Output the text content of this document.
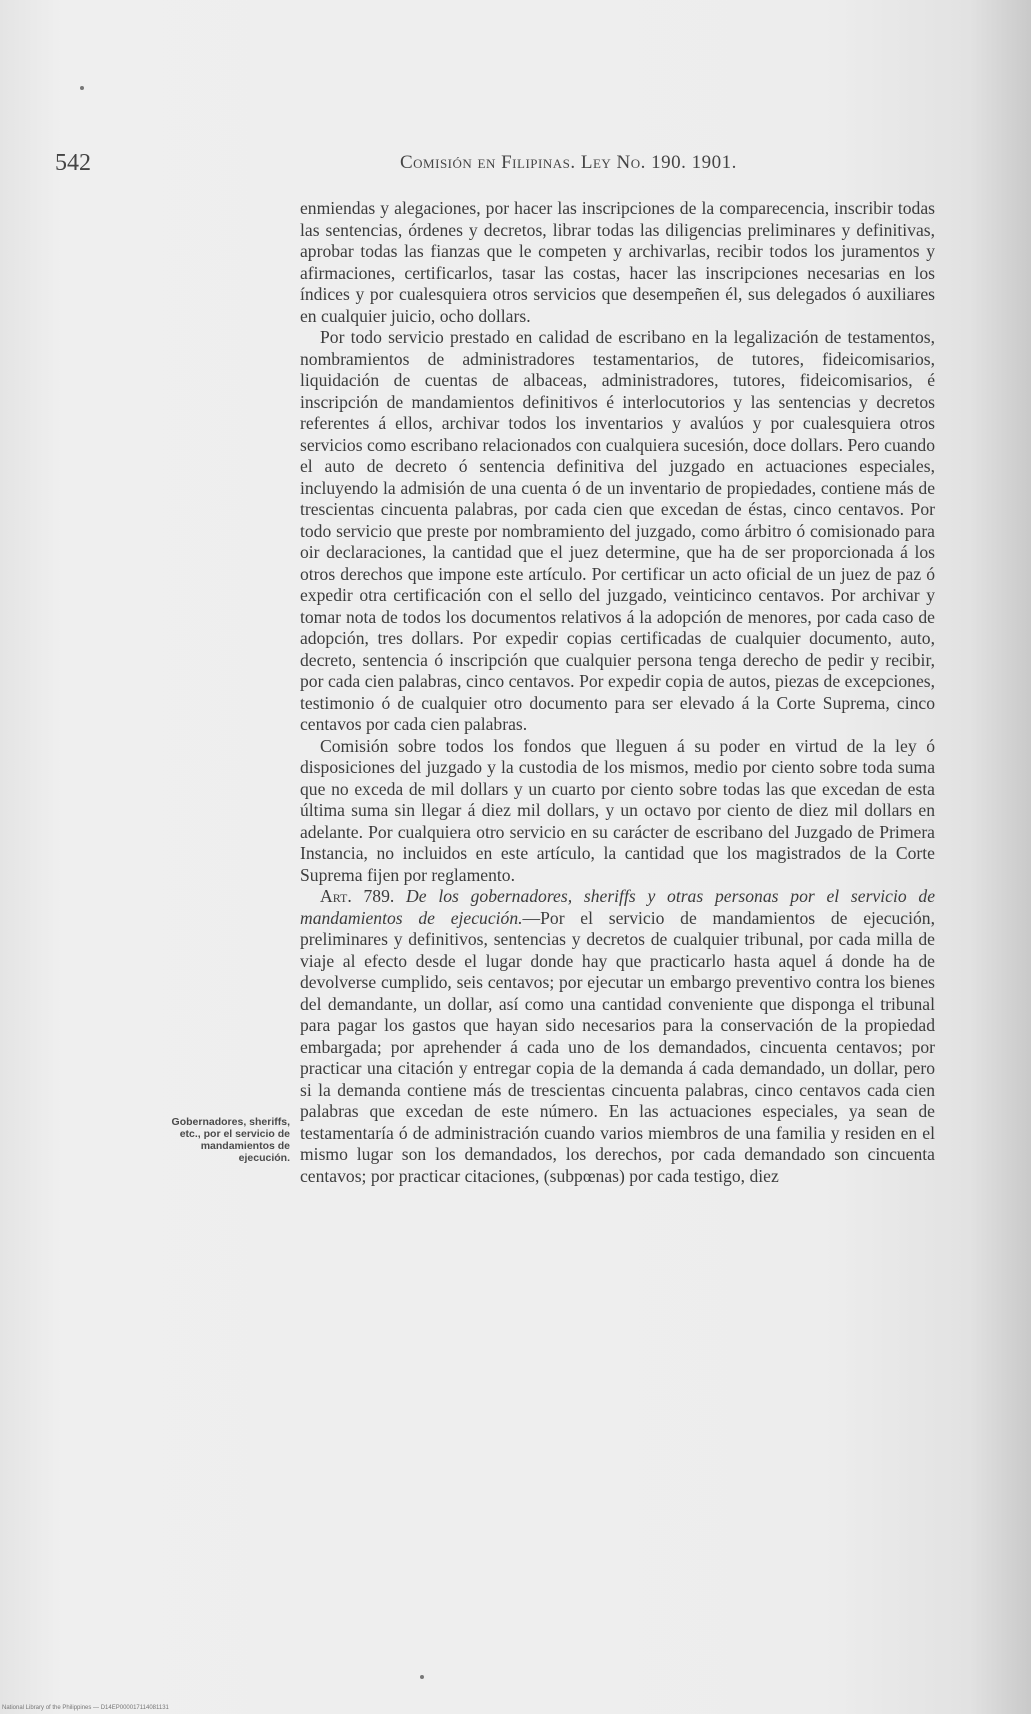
542	Comisión en Filipinas. Ley No. 190. 1901.

enmiendas y alegaciones, por hacer las inscripciones de la comparecencia, inscribir todas las sentencias, órdenes y decretos, librar todas las diligencias preliminares y definitivas, aprobar todas las fianzas que le competen y archivarlas, recibir todos los juramentos y afirmaciones, certificarlos, tasar las costas, hacer las inscripciones necesarias en los índices y por cualesquiera otros servicios que desempeñen él, sus delegados ó auxiliares en cualquier juicio, ocho dollars.

Por todo servicio prestado en calidad de escribano en la legalización de testamentos, nombramientos de administradores testamentarios, de tutores, fideicomisarios, liquidación de cuentas de albaceas, administradores, tutores, fideicomisarios, é inscripción de mandamientos definitivos é interlocutorios y las sentencias y decretos referentes á ellos, archivar todos los inventarios y avalúos y por cualesquiera otros servicios como escribano relacionados con cualquiera sucesión, doce dollars. Pero cuando el auto de decreto ó sentencia definitiva del juzgado en actuaciones especiales, incluyendo la admisión de una cuenta ó de un inventario de propiedades, contiene más de trescientas cincuenta palabras, por cada cien que excedan de éstas, cinco centavos. Por todo servicio que preste por nombramiento del juzgado, como árbitro ó comisionado para oir declaraciones, la cantidad que el juez determine, que ha de ser proporcionada á los otros derechos que impone este artículo. Por certificar un acto oficial de un juez de paz ó expedir otra certificación con el sello del juzgado, veinticinco centavos. Por archivar y tomar nota de todos los documentos relativos á la adopción de menores, por cada caso de adopción, tres dollars. Por expedir copias certificadas de cualquier documento, auto, decreto, sentencia ó inscripción que cualquier persona tenga derecho de pedir y recibir, por cada cien palabras, cinco centavos. Por expedir copia de autos, piezas de excepciones, testimonio ó de cualquier otro documento para ser elevado á la Corte Suprema, cinco centavos por cada cien palabras.

Comisión sobre todos los fondos que lleguen á su poder en virtud de la ley ó disposiciones del juzgado y la custodia de los mismos, medio por ciento sobre toda suma que no exceda de mil dollars y un cuarto por ciento sobre todas las que excedan de esta última suma sin llegar á diez mil dollars, y un octavo por ciento de diez mil dollars en adelante. Por cualquiera otro servicio en su carácter de escribano del Juzgado de Primera Instancia, no incluidos en este artículo, la cantidad que los magistrados de la Corte Suprema fijen por reglamento.

Art. 789. De los gobernadores, sheriffs y otras personas por el servicio de mandamientos de ejecución.—Por el servicio de mandamientos de ejecución, preliminares y definitivos, sentencias y decretos de cualquier tribunal, por cada milla de viaje al efecto desde el lugar donde hay que practicarlo hasta aquel á donde ha de devolverse cumplido, seis centavos; por ejecutar un embargo preventivo contra los bienes del demandante, un dollar, así como una cantidad conveniente que disponga el tribunal para pagar los gastos que hayan sido necesarios para la conservación de la propiedad embargada; por aprehender á cada uno de los demandados, cincuenta centavos; por practicar una citación y entregar copia de la demanda á cada demandado, un dollar, pero si la demanda contiene más de trescientas cincuenta palabras, cinco centavos cada cien palabras que excedan de este número. En las actuaciones especiales, ya sean de testamentaría ó de administración cuando varios miembros de una familia y residen en el mismo lugar son los demandados, los derechos, por cada demandado son cincuenta centavos; por practicar citaciones, (subpœnas) por cada testigo, diez

Gobernadores, sheriffs, etc., por el servicio de mandamientos de ejecución.
National Library of the Philippines — D14EP000017114081131
